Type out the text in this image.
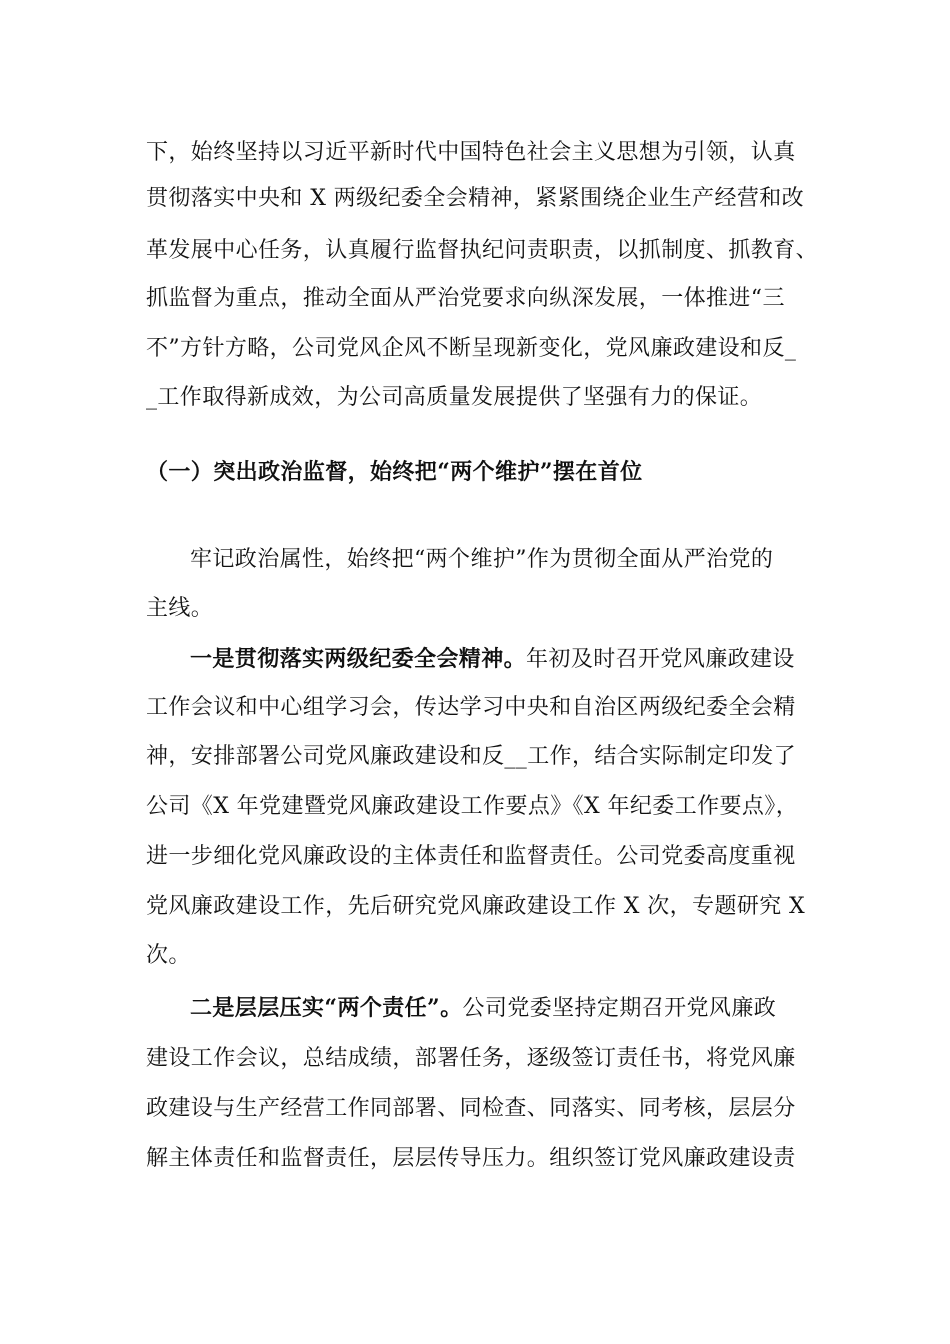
下，始终坚持以习近平新时代中国特色社会主义思想为引领，认真
贯彻落实中央和 X 两级纪委全会精神，紧紧围绕企业生产经营和改
革发展中心任务，认真履行监督执纪问责职责，以抓制度、抓教育、
抓监督为重点，推动全面从严治党要求向纵深发展，一体推进“三
不”方针方略，公司党风企风不断呈现新变化，党风廉政建设和反_
_工作取得新成效，为公司高质量发展提供了坚强有力的保证。
（一）突出政治监督，始终把“两个维护”摆在首位
牢记政治属性，始终把“两个维护”作为贯彻全面从严治党的
主线。
一是贯彻落实两级纪委全会精神。年初及时召开党风廉政建设
工作会议和中心组学习会，传达学习中央和自治区两级纪委全会精
神，安排部署公司党风廉政建设和反__工作，结合实际制定印发了
公司《X 年党建暨党风廉政建设工作要点》《X 年纪委工作要点》，
进一步细化党风廉政设的主体责任和监督责任。公司党委高度重视
党风廉政建设工作，先后研究党风廉政建设工作 X 次，专题研究 X
次。
二是层层压实“两个责任”。公司党委坚持定期召开党风廉政
建设工作会议，总结成绩，部署任务，逐级签订责任书，将党风廉
政建设与生产经营工作同部署、同检查、同落实、同考核，层层分
解主体责任和监督责任，层层传导压力。组织签订党风廉政建设责
